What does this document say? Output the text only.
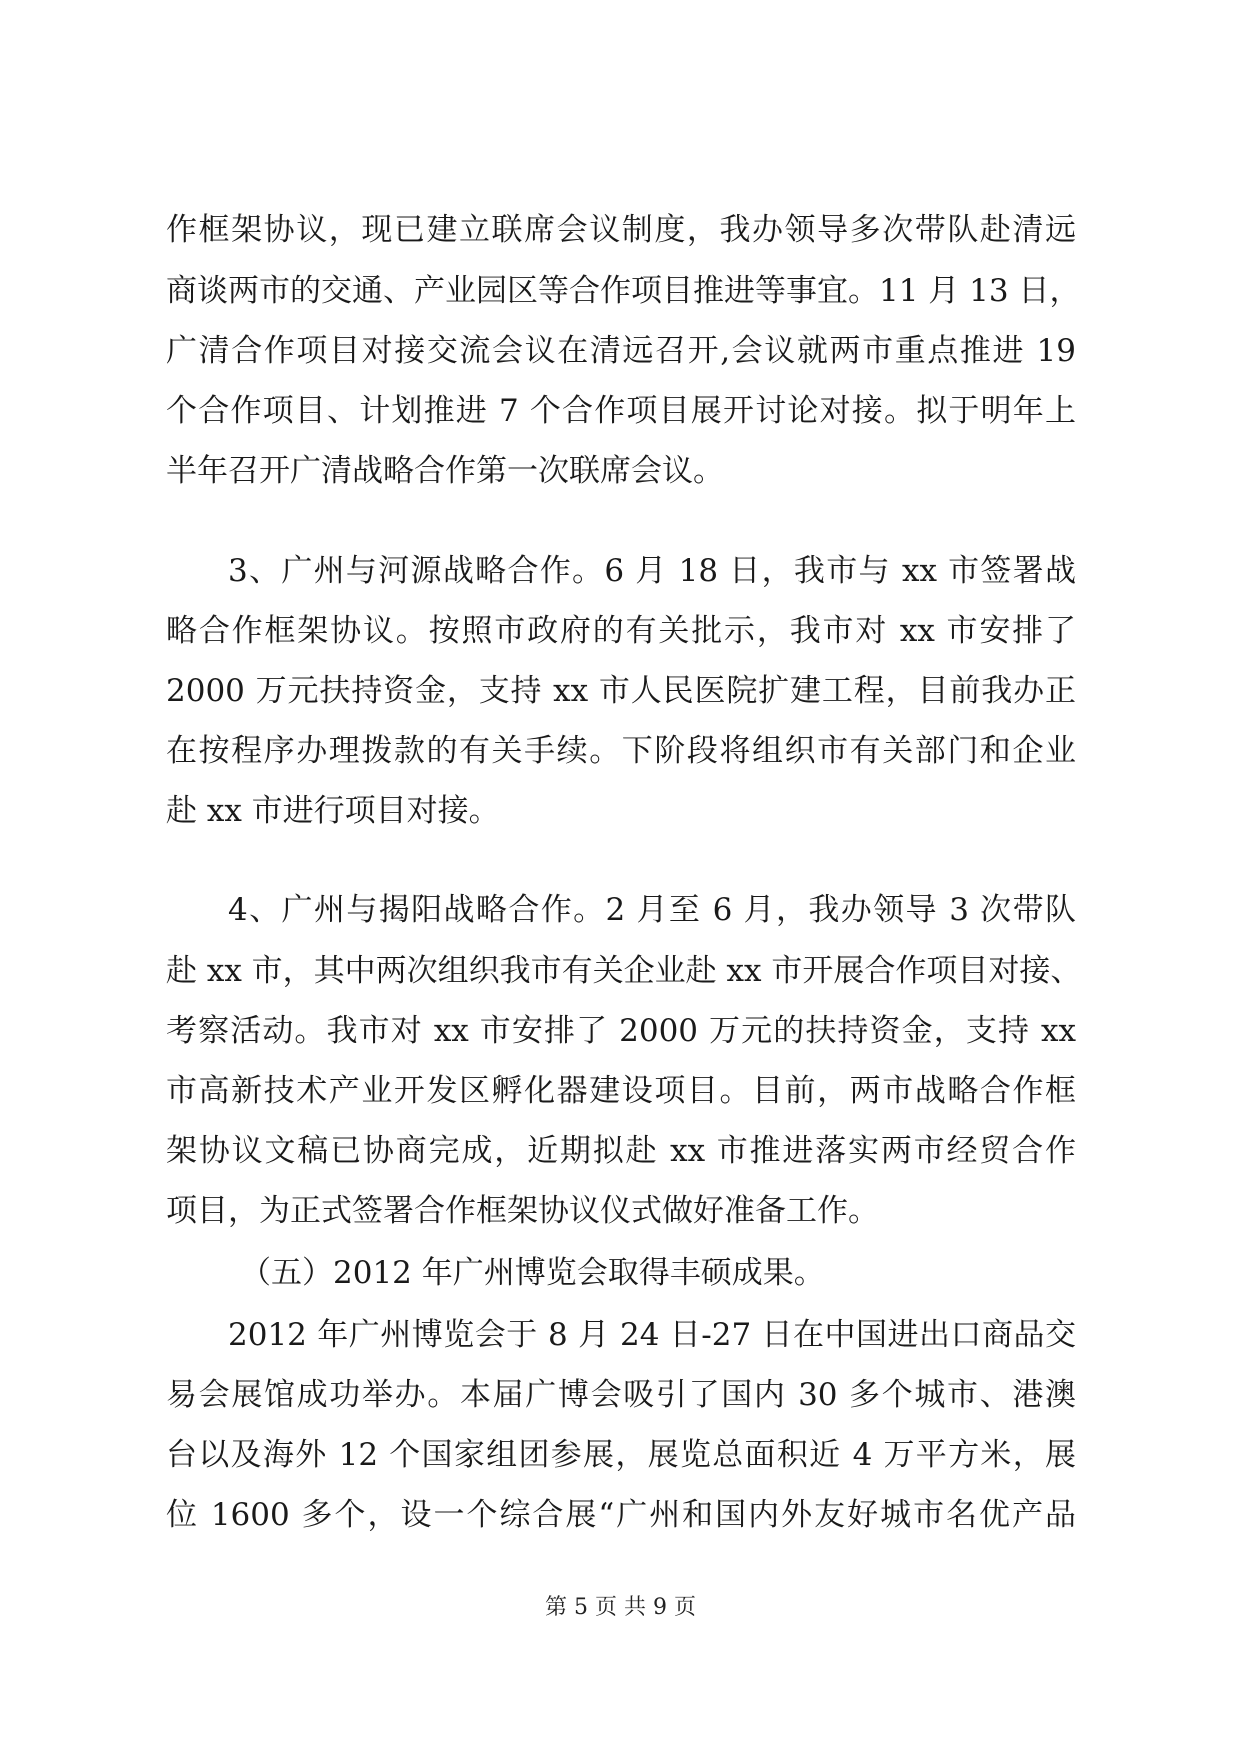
作框架协议，现已建立联席会议制度，我办领导多次带队赴清远
商谈两市的交通、产业园区等合作项目推进等事宜。11 月 13 日，
广清合作项目对接交流会议在清远召开,会议就两市重点推进 19
个合作项目、计划推进 7 个合作项目展开讨论对接。拟于明年上
半年召开广清战略合作第一次联席会议。
3、广州与河源战略合作。6 月 18 日，我市与 xx 市签署战
略合作框架协议。按照市政府的有关批示，我市对 xx 市安排了
2000 万元扶持资金，支持 xx 市人民医院扩建工程，目前我办正
在按程序办理拨款的有关手续。下阶段将组织市有关部门和企业
赴 xx 市进行项目对接。
4、广州与揭阳战略合作。2 月至 6 月，我办领导 3 次带队
赴 xx 市，其中两次组织我市有关企业赴 xx 市开展合作项目对接、
考察活动。我市对 xx 市安排了 2000 万元的扶持资金，支持 xx
市高新技术产业开发区孵化器建设项目。目前，两市战略合作框
架协议文稿已协商完成，近期拟赴 xx 市推进落实两市经贸合作
项目，为正式签署合作框架协议仪式做好准备工作。
（五）2012 年广州博览会取得丰硕成果。
2012 年广州博览会于 8 月 24 日-27 日在中国进出口商品交
易会展馆成功举办。本届广博会吸引了国内 30 多个城市、港澳
台以及海外 12 个国家组团参展，展览总面积近 4 万平方米，展
位 1600 多个，设一个综合展“广州和国内外友好城市名优产品
第 5 页 共 9 页
